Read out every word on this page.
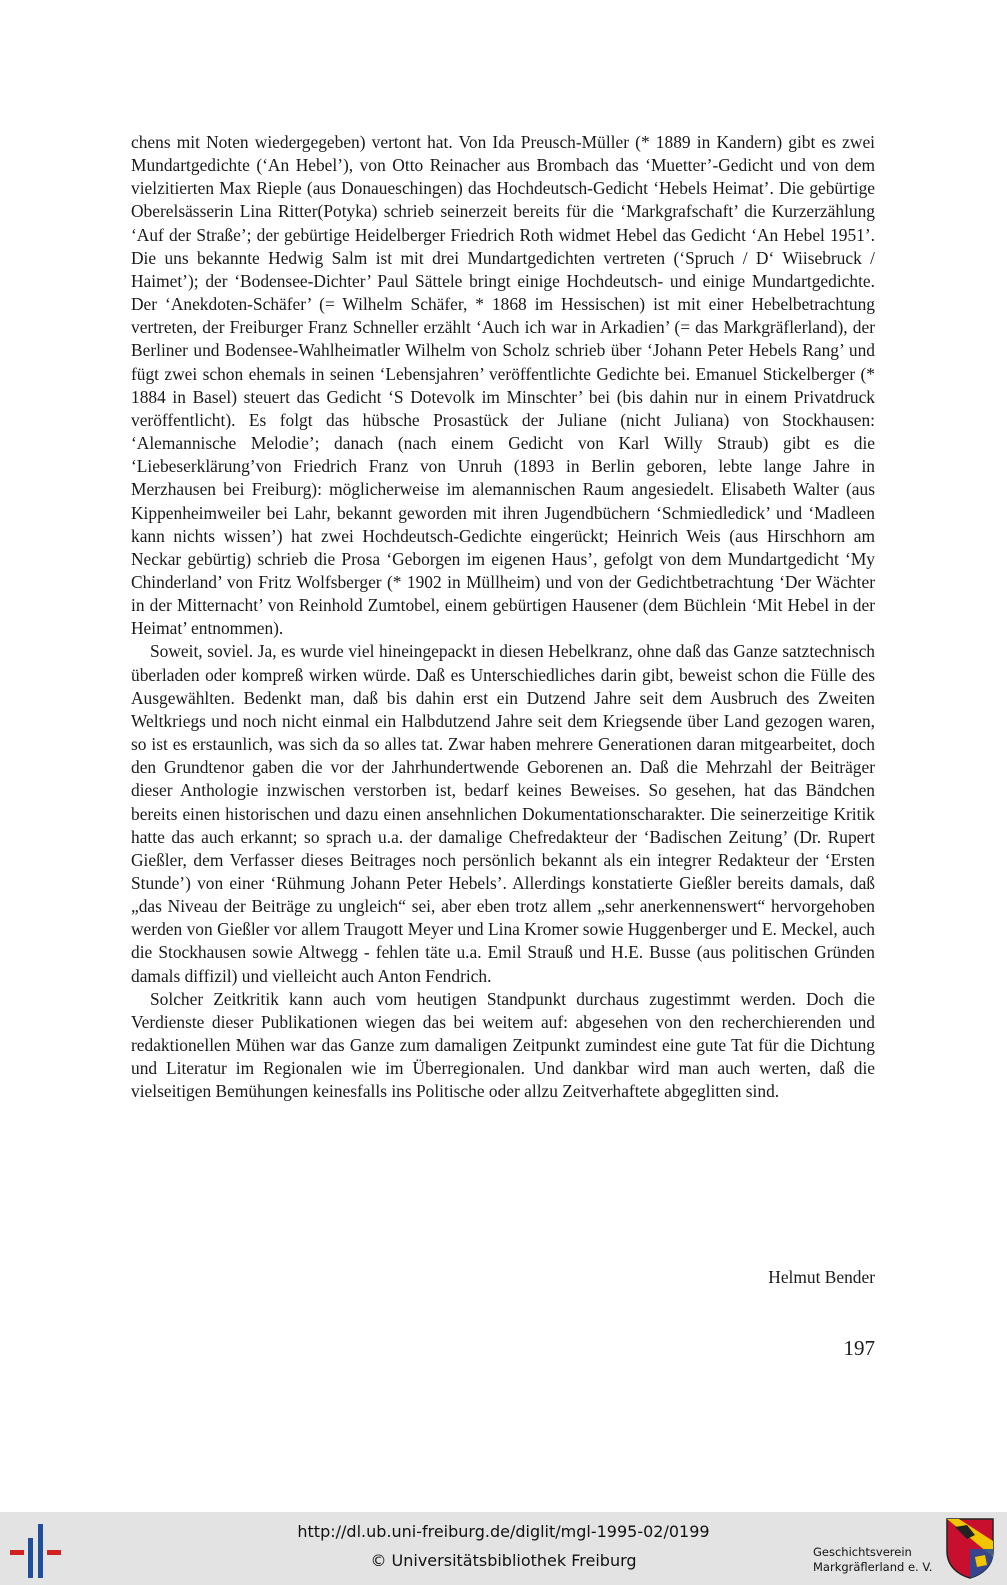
chens mit Noten wiedergegeben) vertont hat. Von Ida Preusch-Müller (* 1889 in Kandern) gibt es zwei Mundartgedichte (‘An Hebel’), von Otto Reinacher aus Brombach das ‘Muetter’-Gedicht und von dem vielzitierten Max Rieple (aus Donaueschingen) das Hochdeutsch-Gedicht ‘Hebels Heimat’. Die gebürtige Oberelsässerin Lina Ritter(Potyka) schrieb seinerzeit bereits für die ‘Markgrafschaft’ die Kurzerzählung ‘Auf der Straße’; der gebürtige Heidelberger Friedrich Roth widmet Hebel das Gedicht ‘An Hebel 1951’. Die uns bekannte Hedwig Salm ist mit drei Mundartgedichten vertreten (‘Spruch / D‘ Wiisebruck / Haimet’); der ‘Bodensee-Dichter’ Paul Sättele bringt einige Hochdeutsch- und einige Mundartgedichte. Der ‘Anekdoten-Schäfer’ (= Wilhelm Schäfer, * 1868 im Hessischen) ist mit einer Hebelbetrachtung vertreten, der Freiburger Franz Schneller erzählt ‘Auch ich war in Arkadien’ (= das Markgräflerland), der Berliner und Bodensee-Wahlheimatler Wilhelm von Scholz schrieb über ‘Johann Peter Hebels Rang’ und fügt zwei schon ehemals in seinen ‘Lebensjahren’ veröffentlichte Gedichte bei. Emanuel Stickelberger (* 1884 in Basel) steuert das Gedicht ‘S Dotevolk im Minschter’ bei (bis dahin nur in einem Privatdruck veröffentlicht). Es folgt das hübsche Prosastück der Juliane (nicht Juliana) von Stockhausen: ‘Alemannische Melodie’; danach (nach einem Gedicht von Karl Willy Straub) gibt es die ‘Liebeserklärung’von Friedrich Franz von Unruh (1893 in Berlin geboren, lebte lange Jahre in Merzhausen bei Freiburg): möglicherweise im alemannischen Raum angesiedelt. Elisabeth Walter (aus Kippenheimweiler bei Lahr, bekannt geworden mit ihren Jugendbüchern ‘Schmiedledick’ und ‘Madleen kann nichts wissen’) hat zwei Hochdeutsch-Gedichte eingerückt; Heinrich Weis (aus Hirschhorn am Neckar gebürtig) schrieb die Prosa ‘Geborgen im eigenen Haus’, gefolgt von dem Mundartgedicht ‘My Chinderland’ von Fritz Wolfsberger (* 1902 in Müllheim) und von der Gedichtbetrachtung ‘Der Wächter in der Mitternacht’ von Reinhold Zumtobel, einem gebürtigen Hausener (dem Büchlein ‘Mit Hebel in der Heimat’ entnommen).

Soweit, soviel. Ja, es wurde viel hineingepackt in diesen Hebelkranz, ohne daß das Ganze satztechnisch überladen oder kompreß wirken würde. Daß es Unterschiedliches darin gibt, beweist schon die Fülle des Ausgewählten. Bedenkt man, daß bis dahin erst ein Dutzend Jahre seit dem Ausbruch des Zweiten Weltkriegs und noch nicht einmal ein Halbdutzend Jahre seit dem Kriegsende über Land gezogen waren, so ist es erstaunlich, was sich da so alles tat. Zwar haben mehrere Generationen daran mitgearbeitet, doch den Grundtenor gaben die vor der Jahrhundertwende Geborenen an. Daß die Mehrzahl der Beiträger dieser Anthologie inzwischen verstorben ist, bedarf keines Beweises. So gesehen, hat das Bändchen bereits einen historischen und dazu einen ansehnlichen Dokumentationscharakter. Die seinerzeitige Kritik hatte das auch erkannt; so sprach u.a. der damalige Chefredakteur der ‘Badischen Zeitung’ (Dr. Rupert Gießler, dem Verfasser dieses Beitrages noch persönlich bekannt als ein integrer Redakteur der ‘Ersten Stunde’) von einer ‘Rühmung Johann Peter Hebels’. Allerdings konstatierte Gießler bereits damals, daß „das Niveau der Beiträge zu ungleich“ sei, aber eben trotz allem „sehr anerkennenswert“ hervorgehoben werden von Gießler vor allem Traugott Meyer und Lina Kromer sowie Huggenberger und E. Meckel, auch die Stockhausen sowie Altwegg - fehlen täte u.a. Emil Strauß und H.E. Busse (aus politischen Gründen damals diffizil) und vielleicht auch Anton Fendrich.

Solcher Zeitkritik kann auch vom heutigen Standpunkt durchaus zugestimmt werden. Doch die Verdienste dieser Publikationen wiegen das bei weitem auf: abgesehen von den recherchierenden und redaktionellen Mühen war das Ganze zum damaligen Zeitpunkt zumindest eine gute Tat für die Dichtung und Literatur im Regionalen wie im Überregionalen. Und dankbar wird man auch werten, daß die vielseitigen Bemühungen keinesfalls ins Politische oder allzu Zeitverhaftete abgeglitten sind.

Helmut Bender
197
http://dl.ub.uni-freiburg.de/diglit/mgl-1995-02/0199
© Universitätsbibliothek Freiburg	Geschichtsverein
Markgräflerland e. V.
